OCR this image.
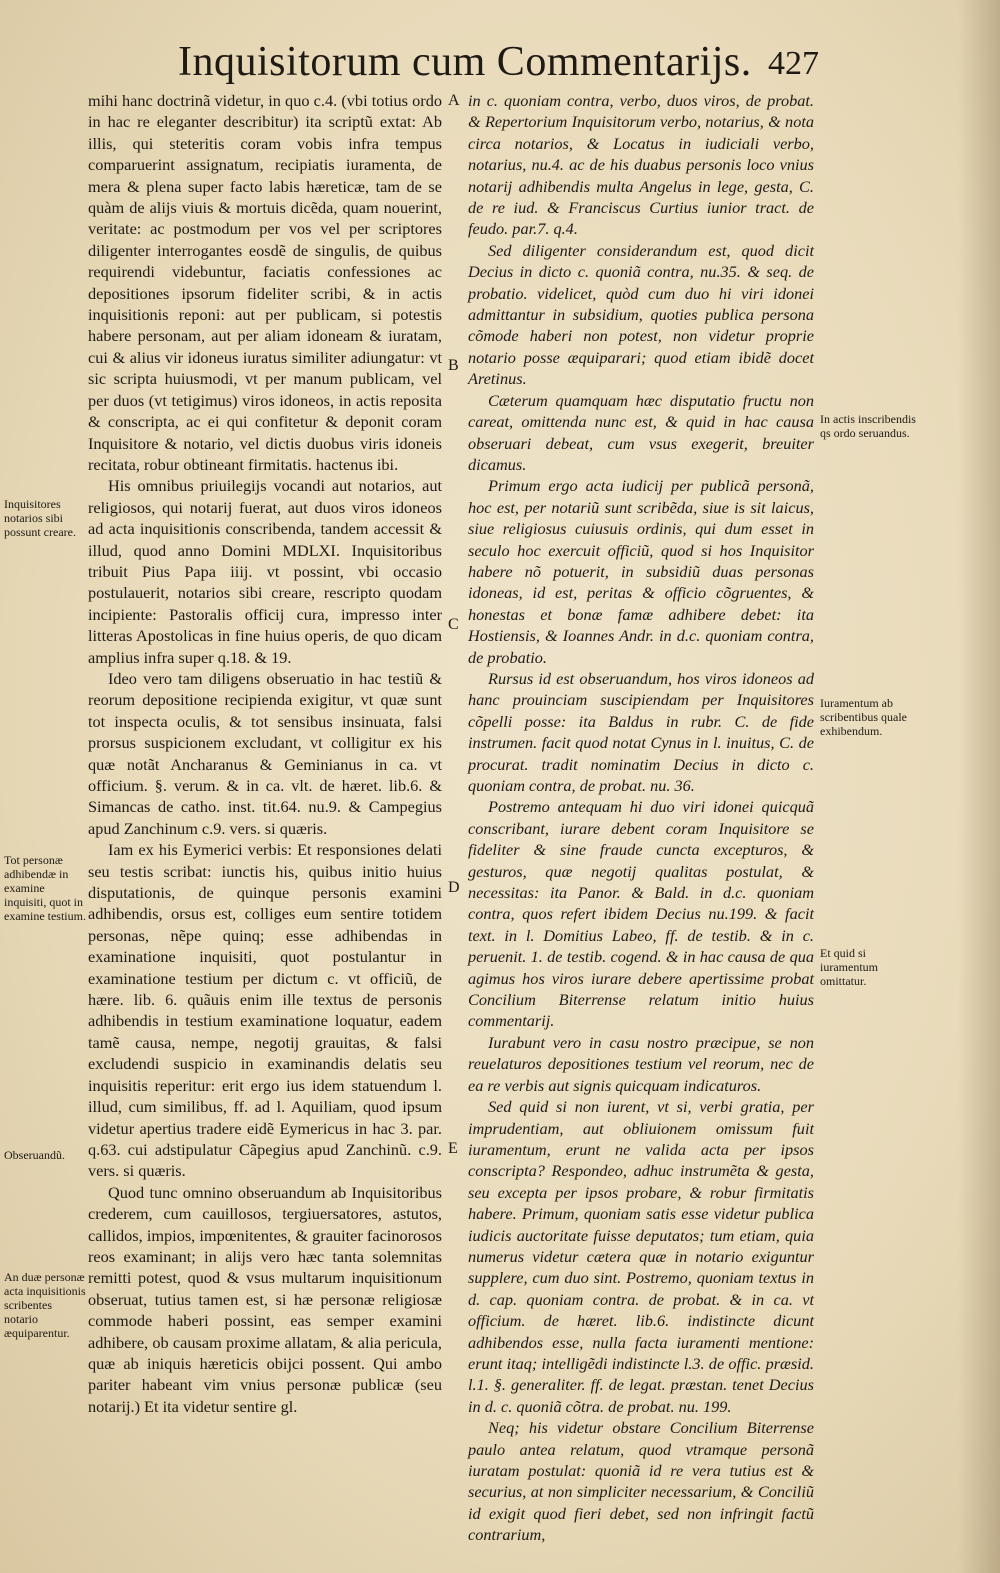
Inquisitorum cum Commentarijs. 427

mihi hanc doctrinã videtur, in quo c.4. (vbi totius ordo in hac re eleganter describitur) ita scriptũ extat: Ab illis, qui steteritis coram vobis infra tempus comparuerint assignatum, recipiatis iuramenta, de mera & plena super facto labis hæreticæ, tam de se quàm de alijs viuis & mortuis dicẽda, quam nouerint, veritate: ac postmodum per vos vel per scriptores diligenter interrogantes eosdẽ de singulis, de quibus requirendi videbuntur, faciatis confessiones ac depositiones ipsorum fideliter scribi, & in actis inquisitionis reponi: aut per publicam, si potestis habere personam, aut per aliam idoneam & iuratam, cui & alius vir idoneus iuratus similiter adiungatur: vt sic scripta huiusmodi, vt per manum publicam, vel per duos (vt tetigimus) viros idoneos, in actis reposita & conscripta, ac ei qui confitetur & deponit coram Inquisitore & notario, vel dictis duobus viris idoneis recitata, robur obtineant firmitatis. hactenus ibi.

His omnibus priuilegijs vocandi aut notarios, aut religiosos, qui notarij fuerat, aut duos viros idoneos ad acta inquisitionis conscribenda, tandem accessit & illud, quod anno Domini MDLXI. Inquisitoribus tribuit Pius Papa iiij. vt possint, vbi occasio postulauerit, notarios sibi creare, rescripto quodam incipiente: Pastoralis officij cura, impresso inter litteras Apostolicas in fine huius operis, de quo dicam amplius infra super q.18. & 19.

Ideo vero tam diligens obseruatio in hac testiũ & reorum depositione recipienda exigitur, vt quæ sunt tot inspecta oculis, & tot sensibus insinuata, falsi prorsus suspicionem excludant, vt colligitur ex his quæ notãt Ancharanus & Geminianus in ca. vt officium. §. verum. & in ca. vlt. de hæret. lib.6. & Simancas de catho. inst. tit.64. nu.9. & Campegius apud Zanchinum c.9. vers. si quæris.

Iam ex his Eymerici verbis: Et responsiones delati seu testis scribat: iunctis his, quibus initio huius disputationis, de quinque personis examini adhibendis, orsus est, colliges eum sentire totidem personas, nẽpe quinq; esse adhibendas in examinatione inquisiti, quot postulantur in examinatione testium per dictum c. vt officiũ, de hære. lib. 6. quãuis enim ille textus de personis adhibendis in testium examinatione loquatur, eadem tamẽ causa, nempe, negotij grauitas, & falsi excludendi suspicio in examinandis delatis seu inquisitis reperitur: erit ergo ius idem statuendum l. illud, cum similibus, ff. ad l. Aquiliam, quod ipsum videtur apertius tradere eidẽ Eymericus in hac 3. par. q.63. cui adstipulatur Cãpegius apud Zanchinũ. c.9. vers. si quæris.

Quod tunc omnino obseruandum ab Inquisitoribus crederem, cum cauillosos, tergiuersatores, astutos, callidos, impios, impœnitentes, & grauiter facinorosos reos examinant; in alijs vero hæc tanta solemnitas remitti potest, quod & vsus multarum inquisitionum obseruat, tutius tamen est, si hæ personæ religiosæ commode haberi possint, eas semper examini adhibere, ob causam proxime allatam, & alia pericula, quæ ab iniquis hæreticis obijci possent. Qui ambo pariter habeant vim vnius personæ publicæ (seu notarij.) Et ita videtur sentire gl.

in c. quoniam contra, verbo, duos viros, de probat. & Repertorium Inquisitorum verbo, notarius, & nota circa notarios, & Locatus in iudiciali verbo, notarius, nu.4. ac de his duabus personis loco vnius notarij adhibendis multa Angelus in lege, gesta, C. de re iud. & Franciscus Curtius iunior tract. de feudo. par.7. q.4.

Sed diligenter considerandum est, quod dicit Decius in dicto c. quoniã contra, nu.35. & seq. de probatio. videlicet, quòd cum duo hi viri idonei admittantur in subsidium, quoties publica persona cõmode haberi non potest, non videtur proprie notario posse æquiparari; quod etiam ibidẽ docet Aretinus.

Cæterum quamquam hæc disputatio fructu non careat, omittenda nunc est, & quid in hac causa obseruari debeat, cum vsus exegerit, breuiter dicamus.

Primum ergo acta iudicij per publicã personã, hoc est, per notariũ sunt scribẽda, siue is sit laicus, siue religiosus cuiusuis ordinis, qui dum esset in seculo hoc exercuit officiũ, quod si hos Inquisitor habere nõ potuerit, in subsidiũ duas personas idoneas, id est, peritas & officio cõgruentes, & honestas et bonæ famæ adhibere debet: ita Hostiensis, & Ioannes Andr. in d.c. quoniam contra, de probatio.

Rursus id est obseruandum, hos viros idoneos ad hanc prouinciam suscipiendam per Inquisitores cõpelli posse: ita Baldus in rubr. C. de fide instrumen. facit quod notat Cynus in l. inuitus, C. de procurat. tradit nominatim Decius in dicto c. quoniam contra, de probat. nu. 36.

Postremo antequam hi duo viri idonei quicquã conscribant, iurare debent coram Inquisitore se fideliter & sine fraude cuncta excepturos, & gesturos, quæ negotij qualitas postulat, & necessitas: ita Panor. & Bald. in d.c. quoniam contra, quos refert ibidem Decius nu.199. & facit text. in l. Domitius Labeo, ff. de testib. & in c. peruenit. 1. de testib. cogend. & in hac causa de qua agimus hos viros iurare debere apertissime probat Concilium Biterrense relatum initio huius commentarij.

Iurabunt vero in casu nostro præcipue, se non reuelaturos depositiones testium vel reorum, nec de ea re verbis aut signis quicquam indicaturos.

Sed quid si non iurent, vt si, verbi gratia, per imprudentiam, aut obliuionem omissum fuit iuramentum, erunt ne valida acta per ipsos conscripta? Respondeo, adhuc instrumẽta & gesta, seu excepta per ipsos probare, & robur firmitatis habere. Primum, quoniam satis esse videtur publica iudicis auctoritate fuisse deputatos; tum etiam, quia numerus videtur cætera quæ in notario exiguntur supplere, cum duo sint. Postremo, quoniam textus in d. cap. quoniam contra. de probat. & in ca. vt officium. de hæret. lib.6. indistincte dicunt adhibendos esse, nulla facta iuramenti mentione: erunt itaq; intelligẽdi indistincte l.3. de offic. præsid. l.1. §. generaliter. ff. de legat. præstan. tenet Decius in d. c. quoniã cõtra. de probat. nu. 199.

Neq; his videtur obstare Concilium Biterrense paulo antea relatum, quod vtramque personã iuratam postulat: quoniã id re vera tutius est & securius, at non simpliciter necessarium, & Conciliũ id exigit quod fieri debet, sed non infringit factũ contrarium,

Inquisitores notarios sibi possunt creare.
Tot personæ adhibendæ in examine inquisiti, quot in examine testium.
Obseruandũ.
An duæ personæ acta inquisitionis scribentes notario æquiparentur.
In actis inscribendis qs ordo seruandus.
Iuramentum ab scribentibus quale exhibendum.
Et quid si iuramentum omittatur.
A
B
C
D
E
